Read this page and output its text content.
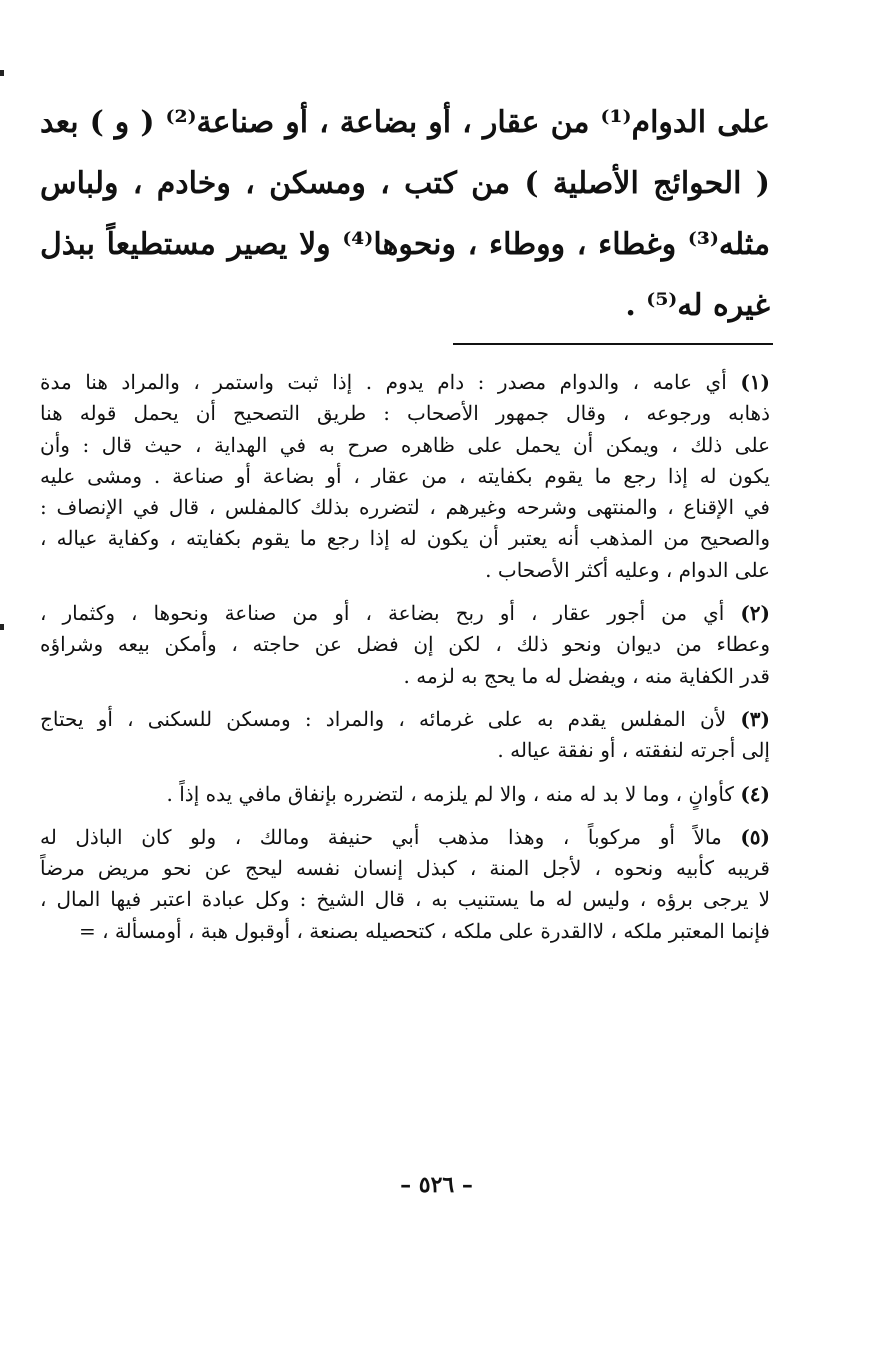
على الدوام⁽¹⁾ من عقار ، أو بضاعة ، أو صناعة⁽²⁾ ( و ) بعد
( الحوائج الأصلية ) من كتب ، ومسكن ، وخادم ، ولباس
مثله⁽³⁾ وغطاء ، ووطاء ، ونحوها⁽⁴⁾ ولا يصير مستطيعاً ببذل
غيره له⁽⁵⁾ .
(١) أي عامه ، والدوام مصدر : دام يدوم . إذا ثبت واستمر ، والمراد هنا مدة
ذهابه ورجوعه ، وقال جمهور الأصحاب : طريق التصحيح أن يحمل قوله هنا
على ذلك ، ويمكن أن يحمل على ظاهره صرح به في الهداية ، حيث قال : وأن
يكون له إذا رجع ما يقوم بكفايته ، من عقار ، أو بضاعة أو صناعة . ومشى عليه
في الإقناع ، والمنتهى وشرحه وغيرهم ، لتضرره بذلك كالمفلس ، قال في الإنصاف :
والصحيح من المذهب أنه يعتبر أن يكون له إذا رجع ما يقوم بكفايته ، وكفاية عياله ،
على الدوام ، وعليه أكثر الأصحاب .
(٢) أي من أجور عقار ، أو ربح بضاعة ، أو من صناعة ونحوها ، وكثمار ،
وعطاء من ديوان ونحو ذلك ، لكن إن فضل عن حاجته ، وأمكن بيعه وشراؤه
قدر الكفاية منه ، ويفضل له ما يحج به لزمه .
(٣) لأن المفلس يقدم به على غرمائه ، والمراد : ومسكن للسكنى ، أو يحتاج
إلى أجرته لنفقته ، أو نفقة عياله .
(٤) كأوانٍ ، وما لا بد له منه ، والا لم يلزمه ، لتضرره بإنفاق مافي يده إذاً .
(٥) مالاً أو مركوباً ، وهذا مذهب أبي حنيفة ومالك ، ولو كان الباذل له
قريبه كأبيه ونحوه ، لأجل المنة ، كبذل إنسان نفسه ليحج عن نحو مريض مرضاً
لا يرجى برؤه ، وليس له ما يستنيب به ، قال الشيخ : وكل عبادة اعتبر فيها المال ،
فإنما المعتبر ملكه ، لاالقدرة على ملكه ، كتحصيله بصنعة ، أوقبول هبة ، أومسألة ، =
– ٥٢٦ –
